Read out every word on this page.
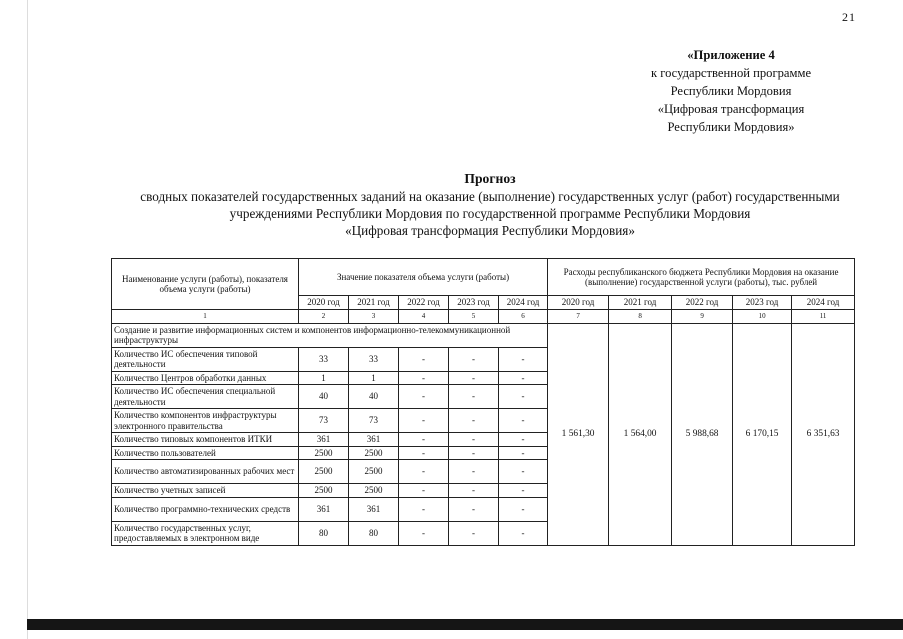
21
«Приложение 4
к государственной программе
Республики Мордовия
«Цифровая трансформация
Республики Мордовия»
Прогноз
сводных показателей государственных заданий на оказание (выполнение) государственных услуг (работ) государственными
учреждениями Республики Мордовия по государственной программе Республики Мордовия
«Цифровая трансформация Республики Мордовия»
Наименование услуги (работы), показателя объема услуги (работы)	Значение показателя объема услуги (работы)					Расходы республиканского бюджета Республики Мордовия на оказание (выполнение) государственной услуги (работы), тыс. рублей				
	2020 год	2021 год	2022 год	2023 год	2024 год	2020 год	2021 год	2022 год	2023 год	2024 год
1	2	3	4	5	6	7	8	9	10	11
Создание и развитие информационных систем и компонентов информационно-телекоммуникационной инфраструктуры						1 561,30	1 564,00	5 988,68	6 170,15	6 351,63
Количество ИС обеспечения типовой деятельности	33	33	-	-	-					
Количество Центров обработки данных	1	1	-	-	-					
Количество ИС обеспечения специальной деятельности	40	40	-	-	-					
Количество компонентов инфраструктуры электронного правительства	73	73	-	-	-					
Количество типовых компонентов ИТКИ	361	361	-	-	-					
Количество пользователей	2500	2500	-	-	-					
Количество автоматизированных рабочих мест	2500	2500	-	-	-					
Количество учетных записей	2500	2500	-	-	-					
Количество программно-технических средств	361	361	-	-	-					
Количество государственных услуг, предоставляемых в электронном виде	80	80	-	-	-					
